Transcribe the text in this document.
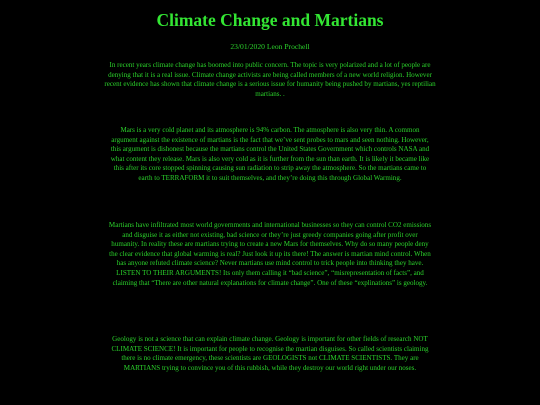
Climate Change and Martians
23/01/2020 Leon Prochell

In recent years climate change has boomed into public concern. The topic is very polarized and a lot of people are denying that it is a real issue. Climate change activists are being called members of a new world religion. However recent evidence has shown that climate change is a serious issue for humanity being pushed by martians, yes reptilian martians. .

Mars is a very cold planet and its atmosphere is 94% carbon. The atmosphere is also very thin. A common argument against the existence of martians is the fact that we’ve sent probes to mars and seen nothing. However, this argument is dishonest because the martians control the United States Government which controls NASA and what content they release. Mars is also very cold as it is further from the sun than earth. It is likely it became like this after its core stopped spinning causing sun radiation to strip away the atmosphere. So the martians came to earth to TERRAFORM it to suit themselves, and they’re doing this through Global Warming.

Martians have infiltrated most world governments and international businesses so they can control CO2 emissions and disguise it as either not existing, bad science or they’re just greedy companies going after profit over humanity. In reality these are martians trying to create a new Mars for themselves. Why do so many people deny the clear evidence that global warming is real? Just look it up its there! The answer is martian mind control. When has anyone refuted climate science? Never martians use mind control to trick people into thinking they have. LISTEN TO THEIR ARGUMENTS! Its only them calling it “bad science”, “misrepresentation of facts”, and claiming that “There are other natural explanations for climate change”. One of these “explinations” is geology.

Geology is not a science that can explain climate change. Geology is important for other fields of research NOT CLIMATE SCIENCE! It is important for people to recognise the martian disguises. So called scientists claiming there is no climate emergency, these scientists are GEOLOGISTS not CLIMATE SCIENTISTS. They are MARTIANS trying to convince you of this rubbish, while they destroy our world right under our noses.
